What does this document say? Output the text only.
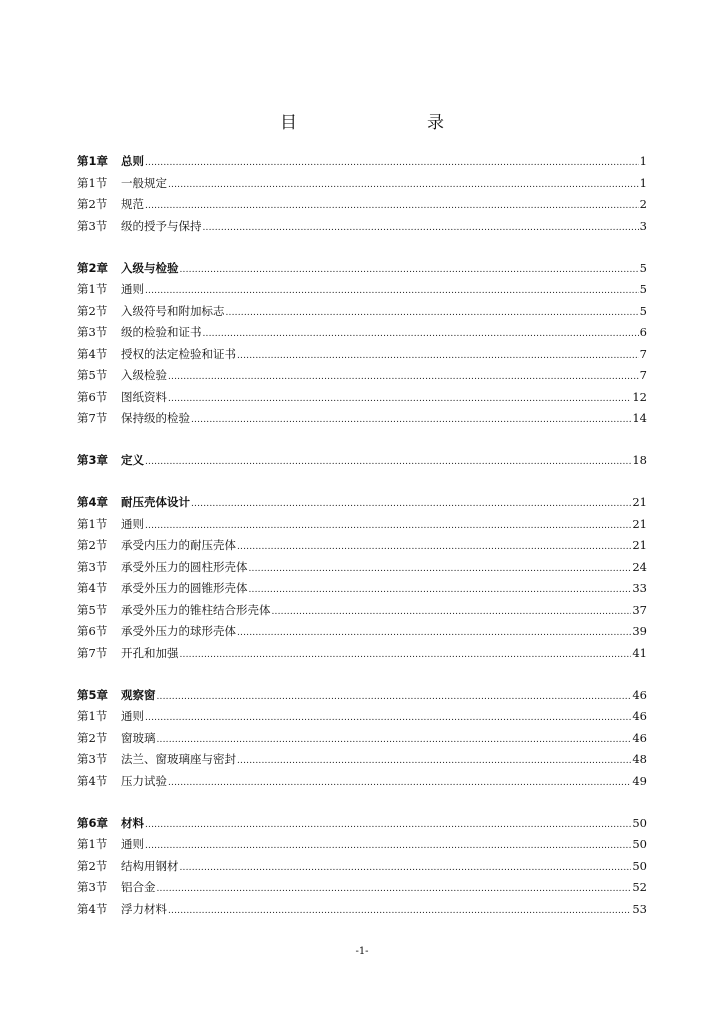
目　　录
第1章	总则 .....	1
第1节	一般规定 .....	1
第2节	规范 .....	2
第3节	级的授予与保持 .....	3
第2章	入级与检验 .....	5
第1节	通则 .....	5
第2节	入级符号和附加标志 .....	5
第3节	级的检验和证书 .....	6
第4节	授权的法定检验和证书 .....	7
第5节	入级检验 .....	7
第6节	图纸资料 .....	12
第7节	保持级的检验 .....	14
第3章	定义 .....	18
第4章	耐压壳体设计 .....	21
第1节	通则 .....	21
第2节	承受内压力的耐压壳体 .....	21
第3节	承受外压力的圆柱形壳体 .....	24
第4节	承受外压力的圆锥形壳体 .....	33
第5节	承受外压力的锥柱结合形壳体 .....	37
第6节	承受外压力的球形壳体 .....	39
第7节	开孔和加强 .....	41
第5章	观察窗 .....	46
第1节	通则 .....	46
第2节	窗玻璃 .....	46
第3节	法兰、窗玻璃座与密封 .....	48
第4节	压力试验 .....	49
第6章	材料 .....	50
第1节	通则 .....	50
第2节	结构用钢材 .....	50
第3节	铝合金 .....	52
第4节	浮力材料 .....	53
-1-
